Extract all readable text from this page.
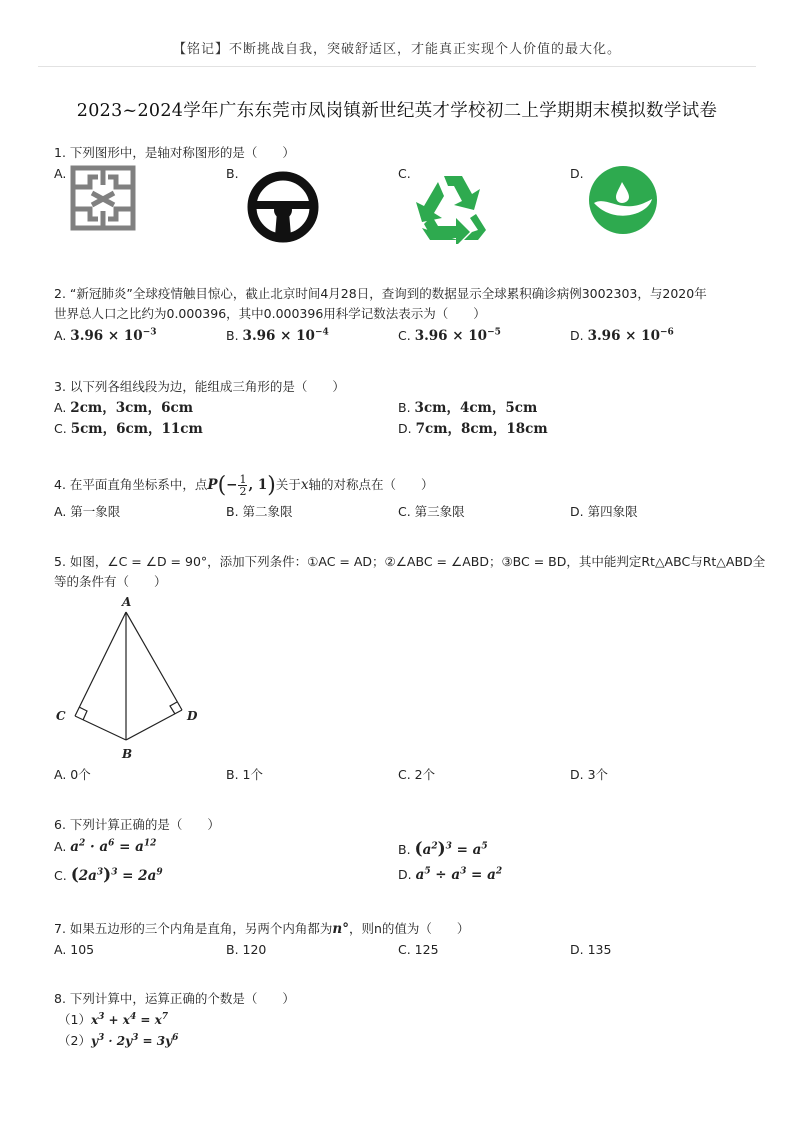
【铭记】不断挑战自我，突破舒适区，才能真正实现个人价值的最大化。
2023~2024学年广东东莞市凤岗镇新世纪英才学校初二上学期期末模拟数学试卷
1. 下列图形中，是轴对称图形的是（　　）
A.	B.	C.	D.
2. “新冠肺炎”全球疫情触目惊心，截止北京时间4月28日，查询到的数据显示全球累积确诊病例3002303，与2020年
世界总人口之比约为0.000396，其中0.000396用科学记数法表示为（　　）
A. $3.96 \times 10^{-3}$	B. $3.96 \times 10^{-4}$	C. $3.96 \times 10^{-5}$	D. $3.96 \times 10^{-6}$
3. 以下列各组线段为边，能组成三角形的是（　　）
A. 2cm，3cm，6cm	B. 3cm，4cm，5cm
C. 5cm，6cm，11cm	D. 7cm，8cm，18cm
4. 在平面直角坐标系中，点$P(- \frac{1}{2}$ , 1)关于x轴的对称点在（　　）
A. 第一象限	B. 第二象限	C. 第三象限	D. 第四象限
5. 如图，∠C = ∠D = 90°，添加下列条件：①AC = AD；②∠ABC = ∠ABD；③BC = BD，其中能判定Rt△ABC与Rt△ABD全
等的条件有（　　）
A
B
C	D
A. 0个	B. 1个	C. 2个	D. 3个
6. 下列计算正确的是（　　）
A. $a^2 \cdot a^6 = a^{12}$	B. $(a^2)^3 = a^5$
C. $(2a^3)^3 = 2a^9$	D. $a^5 \div a^3 = a^2$
7. 如果五边形的三个内角是直角，另两个内角都为n°，则n的值为（　　）
A. 105	B. 120	C. 125	D. 135
8. 下列计算中，运算正确的个数是（　　）
$(1)x^3 + x^4 = x^7$
$(2)y^3 \cdot 2y^3 = 3y^6$
